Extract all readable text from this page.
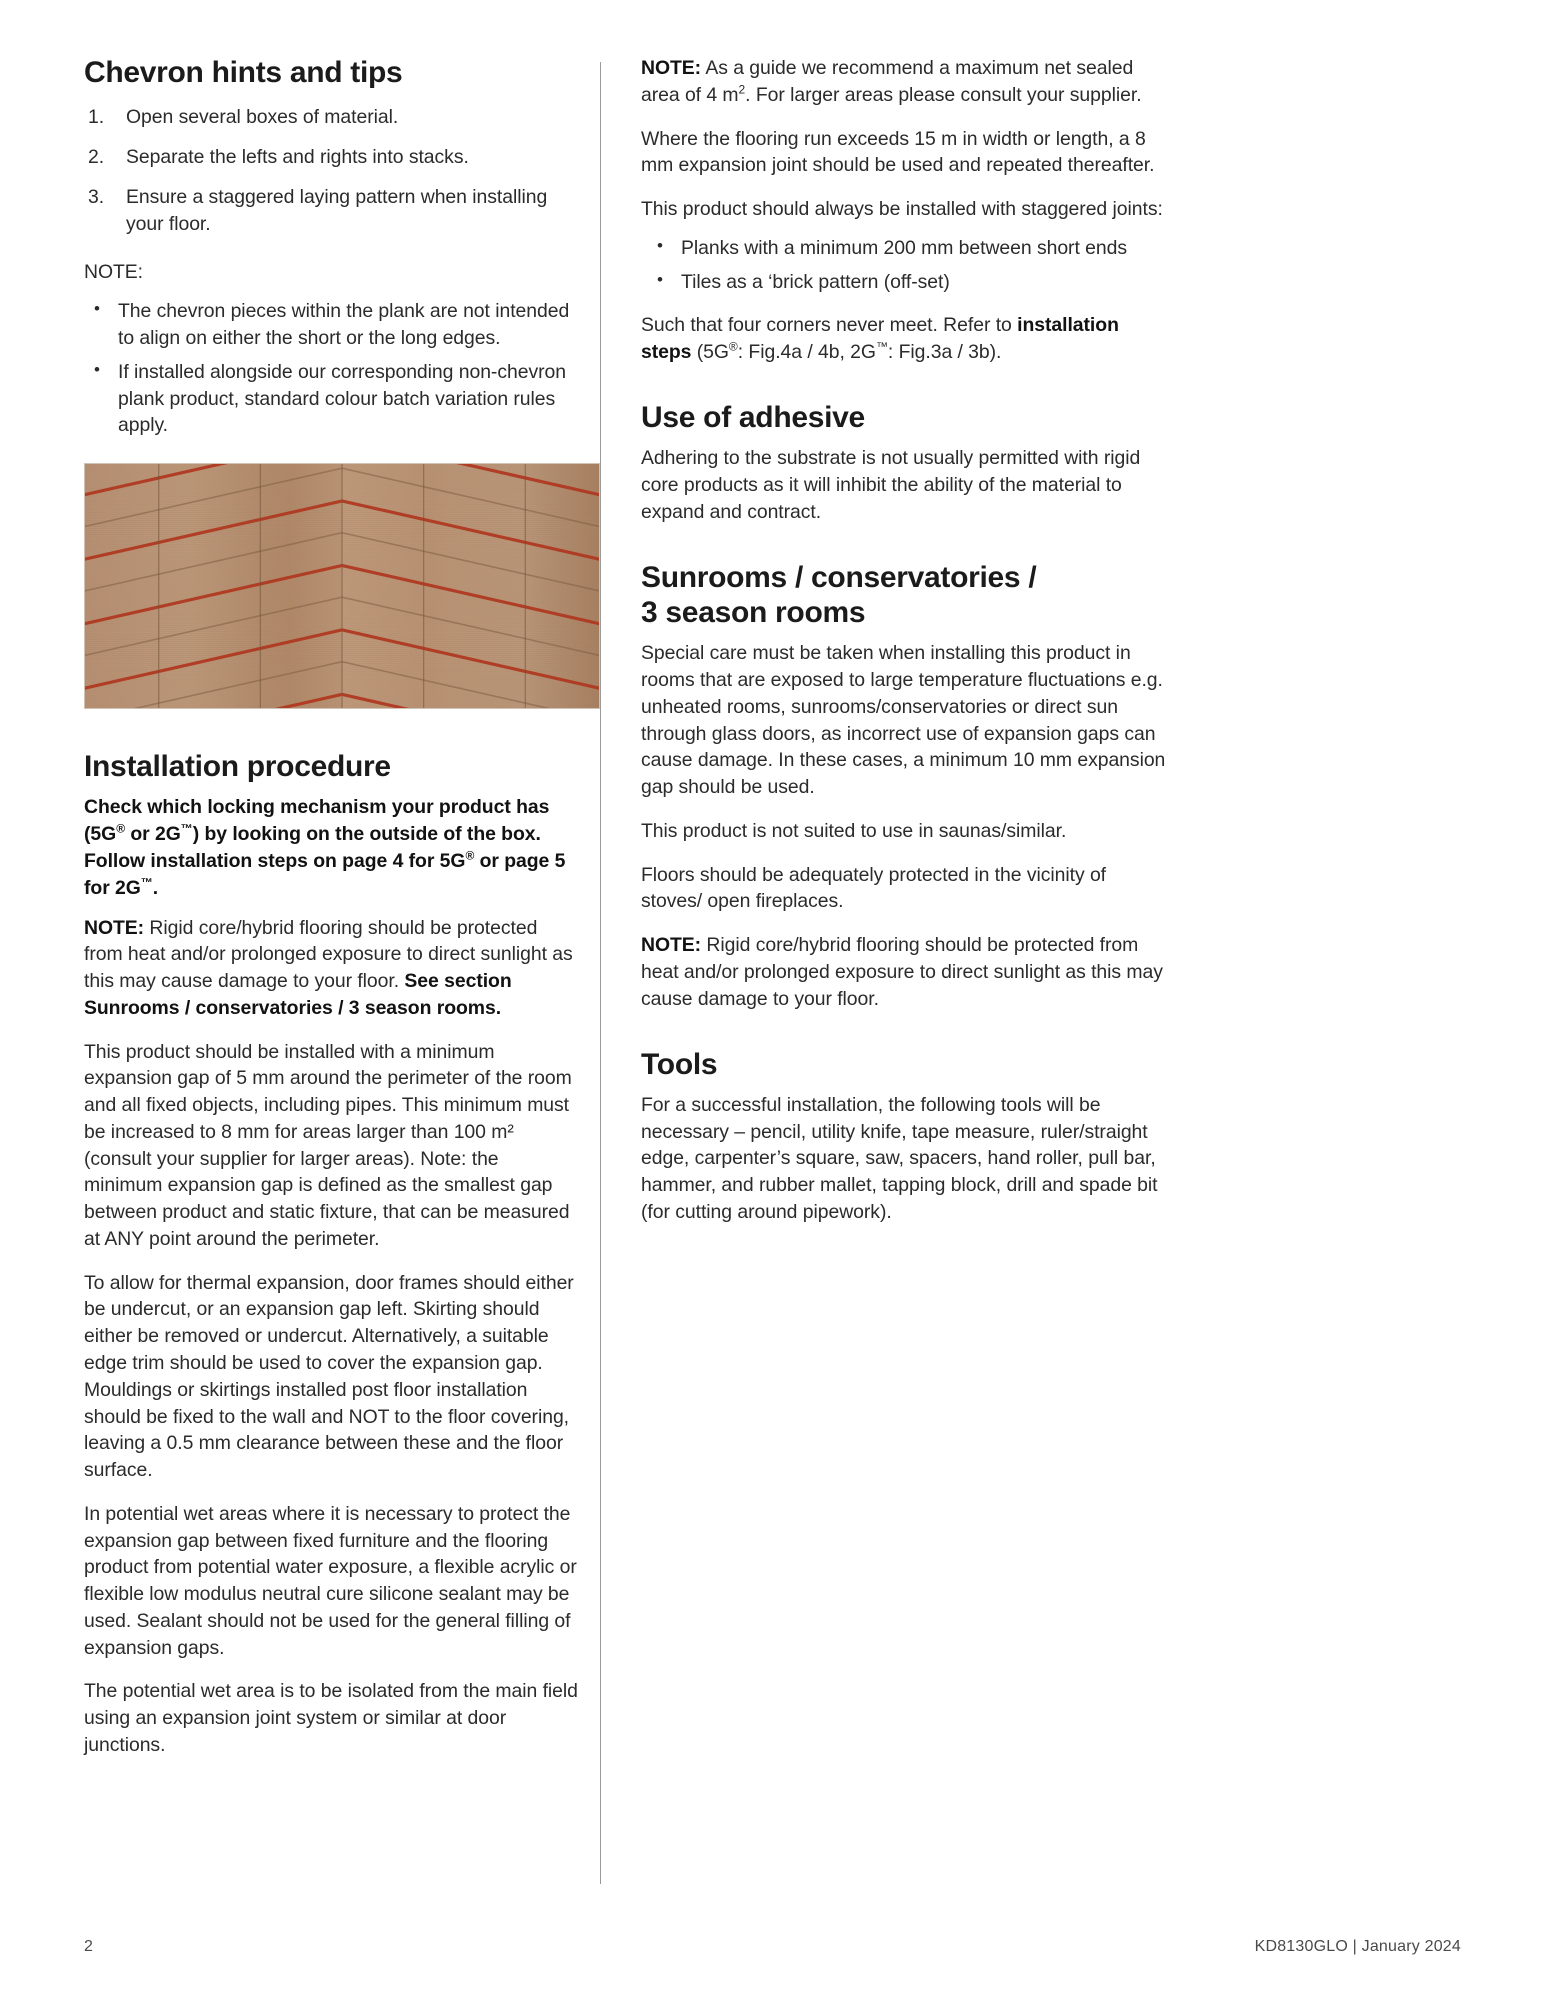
Chevron hints and tips
1.	Open several boxes of material.
2.	Separate the lefts and rights into stacks.
3.	Ensure a staggered laying pattern when installing your floor.

NOTE:

• The chevron pieces within the plank are not intended to align on either the short or the long edges.
• If installed alongside our corresponding non-chevron plank product, standard colour batch variation rules apply.
Installation procedure

Check which locking mechanism your product has (5G® or 2G™) by looking on the outside of the box. Follow installation steps on page 4 for 5G® or page 5 for 2G™.

NOTE: Rigid core/hybrid flooring should be protected from heat and/or prolonged exposure to direct sunlight as this may cause damage to your floor. See section Sunrooms / conservatories / 3 season rooms.

This product should be installed with a minimum expansion gap of 5 mm around the perimeter of the room and all fixed objects, including pipes. This minimum must be increased to 8 mm for areas larger than 100 m² (consult your supplier for larger areas). Note: the minimum expansion gap is defined as the smallest gap between product and static fixture, that can be measured at ANY point around the perimeter.

To allow for thermal expansion, door frames should either be undercut, or an expansion gap left. Skirting should either be removed or undercut. Alternatively, a suitable edge trim should be used to cover the expansion gap. Mouldings or skirtings installed post floor installation should be fixed to the wall and NOT to the floor covering, leaving a 0.5 mm clearance between these and the floor surface.

In potential wet areas where it is necessary to protect the expansion gap between fixed furniture and the flooring product from potential water exposure, a flexible acrylic or flexible low modulus neutral cure silicone sealant may be used. Sealant should not be used for the general filling of expansion gaps.

The potential wet area is to be isolated from the main field using an expansion joint system or similar at door junctions.

NOTE: As a guide we recommend a maximum net sealed area of 4 $m^2$. For larger areas please consult your supplier.

Where the flooring run exceeds 15 m in width or length, a 8 mm expansion joint should be used and repeated thereafter.

This product should always be installed with staggered joints:

• Planks with a minimum 200 mm between short ends
• Tiles as a ‘brick pattern (off-set)

Such that four corners never meet. Refer to installation steps (5G®: Fig.4a / 4b, 2G™: Fig.3a / 3b).

Use of adhesive

Adhering to the substrate is not usually permitted with rigid core products as it will inhibit the ability of the material to expand and contract.

Sunrooms / conservatories /
3 season rooms

Special care must be taken when installing this product in rooms that are exposed to large temperature fluctuations e.g. unheated rooms, sunrooms/conservatories or direct sun through glass doors, as incorrect use of expansion gaps can cause damage. In these cases, a minimum 10 mm expansion gap should be used.

This product is not suited to use in saunas/similar.

Floors should be adequately protected in the vicinity of stoves/ open fireplaces.

NOTE: Rigid core/hybrid flooring should be protected from heat and/or prolonged exposure to direct sunlight as this may cause damage to your floor.

Tools

For a successful installation, the following tools will be necessary – pencil, utility knife, tape measure, ruler/straight edge, carpenter’s square, saw, spacers, hand roller, pull bar, hammer, and rubber mallet, tapping block, drill and spade bit (for cutting around pipework).

2	KD8130GLO | January 2024
